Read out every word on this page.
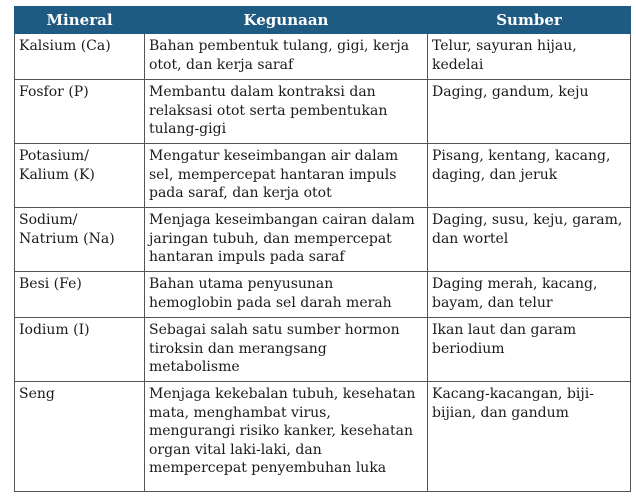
Mineral	Kegunaan	Sumber
Kalsium (Ca)	Bahan pembentuk tulang, gigi, kerja otot, dan kerja saraf	Telur, sayuran hijau, kedelai
Fosfor (P)	Membantu dalam kontraksi dan relaksasi otot serta pembentukan tulang-gigi	Daging, gandum, keju
Potasium/ Kalium (K)	Mengatur keseimbangan air dalam sel, mempercepat hantaran impuls pada saraf, dan kerja otot	Pisang, kentang, kacang, daging, dan jeruk
Sodium/ Natrium (Na)	Menjaga keseimbangan cairan dalam jaringan tubuh, dan mempercepat hantaran impuls pada saraf	Daging, susu, keju, garam, dan wortel
Besi (Fe)	Bahan utama penyusunan hemoglobin pada sel darah merah	Daging merah, kacang, bayam, dan telur
Iodium (I)	Sebagai salah satu sumber hormon tiroksin dan merangsang metabolisme	Ikan laut dan garam beriodium
Seng	Menjaga kekebalan tubuh, kesehatan mata, menghambat virus, mengurangi risiko kanker, kesehatan organ vital laki-laki, dan mempercepat penyembuhan luka	Kacang-kacangan, biji-bijian, dan gandum
